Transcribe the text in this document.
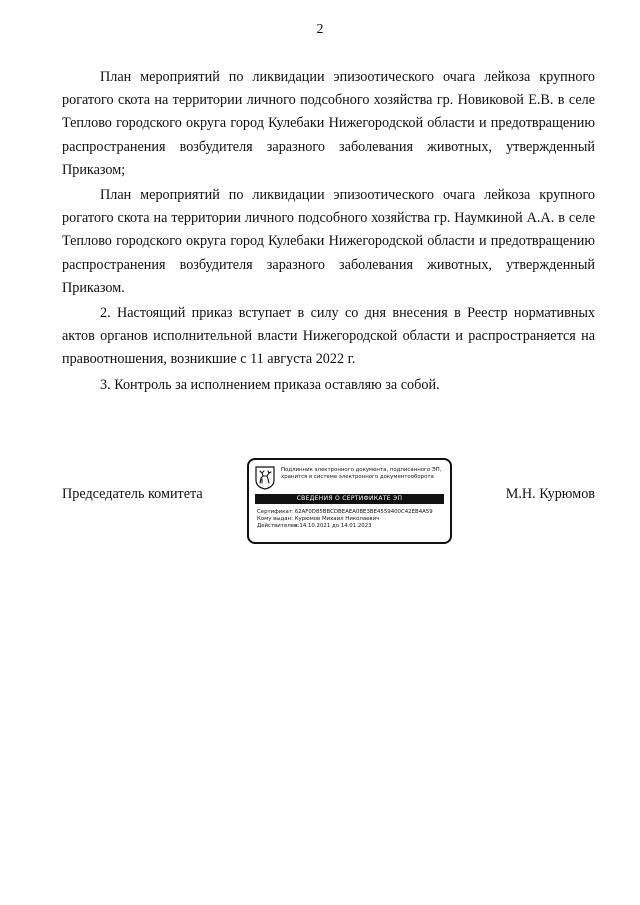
2

План мероприятий по ликвидации эпизоотического очага лейкоза крупного рогатого скота на территории личного подсобного хозяйства гр. Новиковой Е.В. в селе Теплово городского округа город Кулебаки Нижегородской области и предотвращению распространения возбудителя заразного заболевания животных, утвержденный Приказом;

План мероприятий по ликвидации эпизоотического очага лейкоза крупного рогатого скота на территории личного подсобного хозяйства гр. Наумкиной А.А. в селе Теплово городского округа город Кулебаки Нижегородской области и предотвращению распространения возбудителя заразного заболевания животных, утвержденный Приказом.

2. Настоящий приказ вступает в силу со дня внесения в Реестр нормативных актов органов исполнительной власти Нижегородской области и распространяется на правоотношения, возникшие с 11 августа 2022 г.

3. Контроль за исполнением приказа оставляю за собой.

Председатель комитета	М.Н. Курюмов
Подлинник электронного документа, подписанного ЭП,
хранится в системе электронного документооборота
СВЕДЕНИЯ О СЕРТИФИКАТЕ ЭП
Сертификат: 62AF0D85BBCDBEAEA0BE3BE4559400C42EB4A59
Кому выдан: Курюмов Михаил Николаевич
Действителен: с 14.10.2021 до 14.01.2023
